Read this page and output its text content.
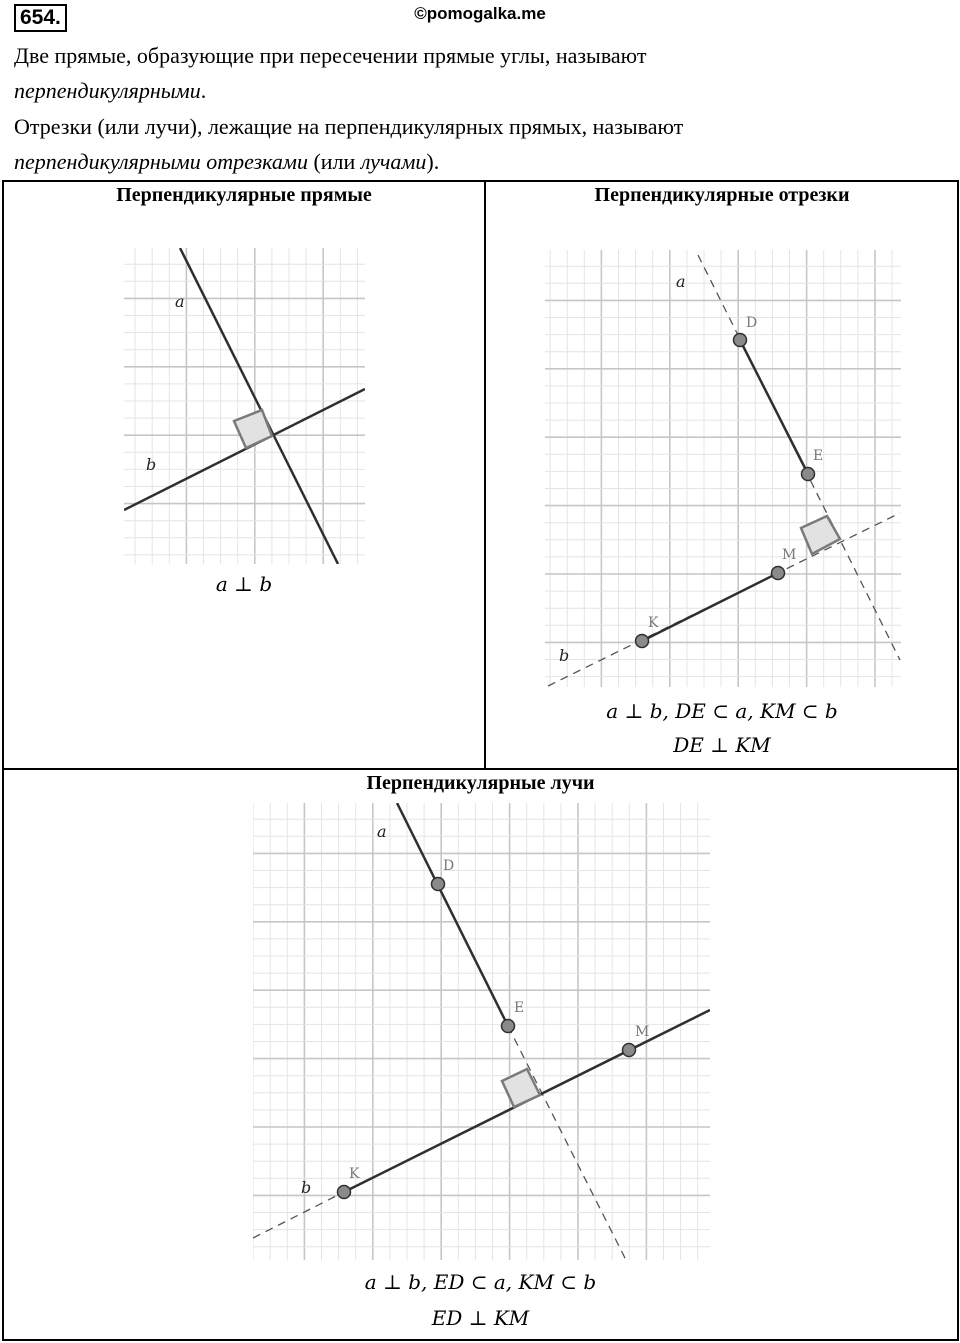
654.	©pomogalka.me
Две прямые, образующие при пересечении прямые углы, называют
перпендикулярными.
Отрезки (или лучи), лежащие на перпендикулярных прямых, называют
перпендикулярными отрезками (или лучами).
Перпендикулярные прямые	Перпендикулярные отрезки
Перпендикулярные лучи
a
b
a
b
D
E
M
K
a
b
D
E
M
K
a ⊥ b
a ⊥ b, DE ⊂ a, KM ⊂ b
DE ⊥ KM
a ⊥ b, ED ⊂ a, KM ⊂ b
ED ⊥ KM
